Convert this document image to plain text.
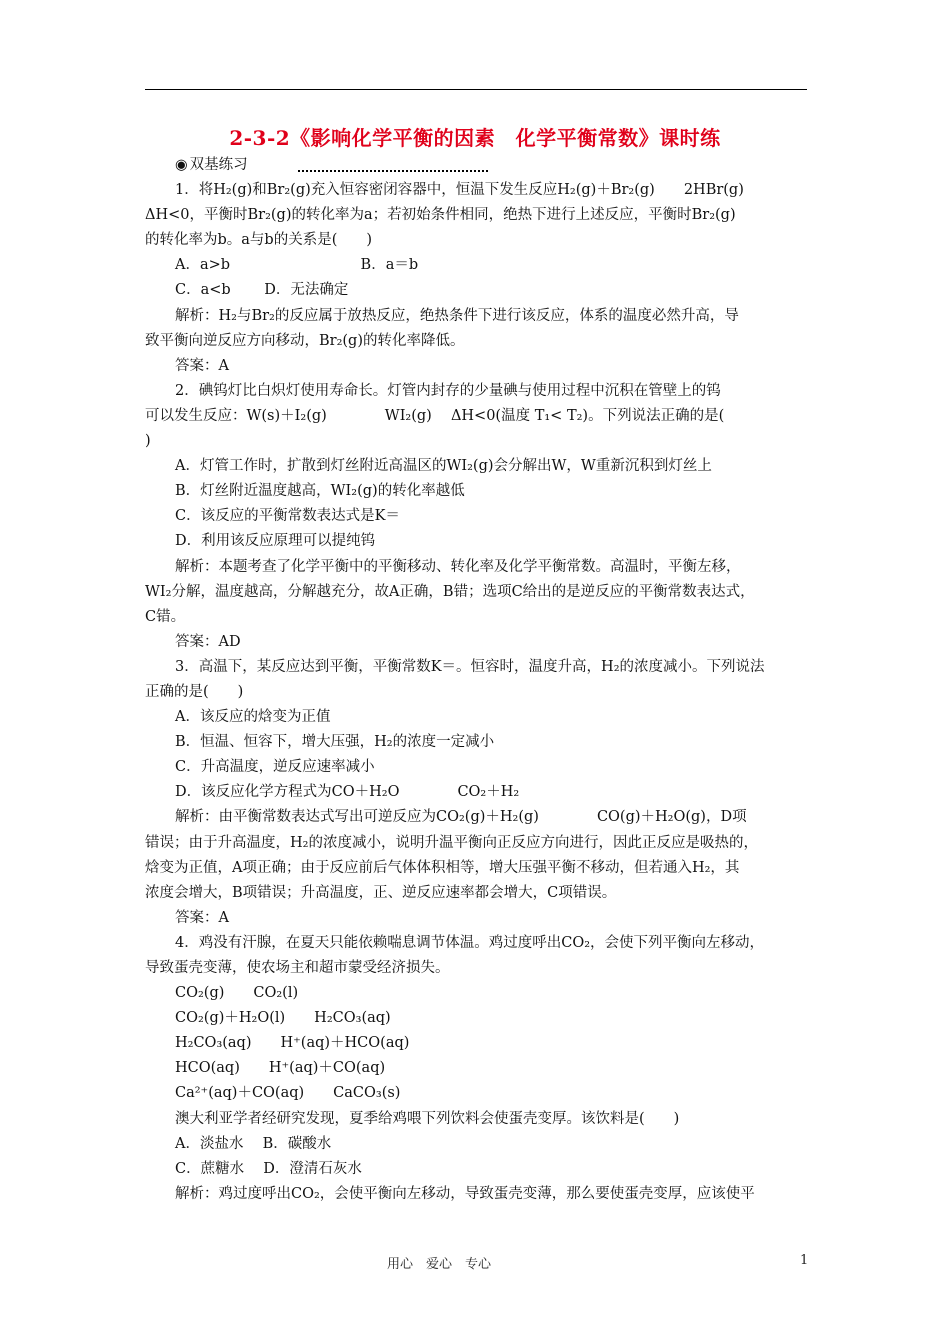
2-3-2《影响化学平衡的因素　化学平衡常数》课时练
◉ 双基练习
1．将H₂(g)和Br₂(g)充入恒容密闭容器中，恒温下发生反应H₂(g)＋Br₂(g)　　2HBr(g)
ΔH<0，平衡时Br₂(g)的转化率为a；若初始条件相同，绝热下进行上述反应，平衡时Br₂(g)
的转化率为b。a与b的关系是(　　)
A．a>b　　　　　　　　　B．a＝b
C．a<b　　 D．无法确定
解析：H₂与Br₂的反应属于放热反应，绝热条件下进行该反应，体系的温度必然升高，导
致平衡向逆反应方向移动，Br₂(g)的转化率降低。
答案：A
2．碘钨灯比白炽灯使用寿命长。灯管内封存的少量碘与使用过程中沉积在管壁上的钨
可以发生反应：W(s)＋I₂(g)　　　　WI₂(g)　 ΔH<0(温度 T₁< T₂)。下列说法正确的是(
)
A．灯管工作时，扩散到灯丝附近高温区的WI₂(g)会分解出W，W重新沉积到灯丝上
B．灯丝附近温度越高，WI₂(g)的转化率越低
C．该反应的平衡常数表达式是K＝
D．利用该反应原理可以提纯钨
解析：本题考查了化学平衡中的平衡移动、转化率及化学平衡常数。高温时，平衡左移，
WI₂分解，温度越高，分解越充分，故A正确，B错；选项C给出的是逆反应的平衡常数表达式，
C错。
答案：AD
3．高温下，某反应达到平衡，平衡常数K＝。恒容时，温度升高，H₂的浓度减小。下列说法
正确的是(　　)
A．该反应的焓变为正值
B．恒温、恒容下，增大压强，H₂的浓度一定减小
C．升高温度，逆反应速率减小
D．该反应化学方程式为CO＋H₂O　　　　CO₂＋H₂
解析：由平衡常数表达式写出可逆反应为CO₂(g)＋H₂(g)　　　　CO(g)＋H₂O(g)，D项
错误；由于升高温度，H₂的浓度减小，说明升温平衡向正反应方向进行，因此正反应是吸热的，
焓变为正值，A项正确；由于反应前后气体体积相等，增大压强平衡不移动，但若通入H₂，其
浓度会增大，B项错误；升高温度，正、逆反应速率都会增大，C项错误。
答案：A
4．鸡没有汗腺，在夏天只能依赖喘息调节体温。鸡过度呼出CO₂，会使下列平衡向左移动，
导致蛋壳变薄，使农场主和超市蒙受经济损失。
CO₂(g)　　CO₂(l)
CO₂(g)＋H₂O(l)　　H₂CO₃(aq)
H₂CO₃(aq)　　H⁺(aq)＋HCO(aq)
HCO(aq)　　H⁺(aq)＋CO(aq)
Ca²⁺(aq)＋CO(aq)　　CaCO₃(s)
澳大利亚学者经研究发现，夏季给鸡喂下列饮料会使蛋壳变厚。该饮料是(　　)
A．淡盐水　 B．碳酸水
C．蔗糖水　 D．澄清石灰水
解析：鸡过度呼出CO₂，会使平衡向左移动，导致蛋壳变薄，那么要使蛋壳变厚，应该使平
用心　爱心　专心	1
